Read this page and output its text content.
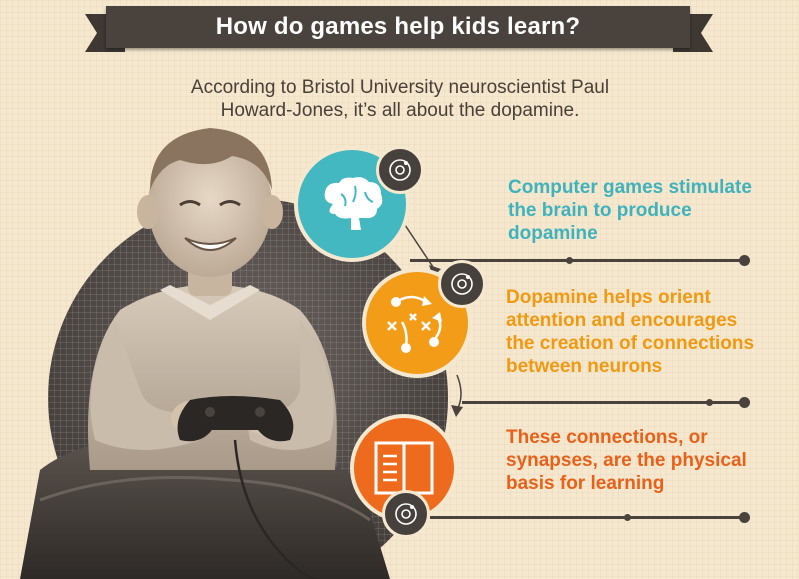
How do games help kids learn?
According to Bristol University neuroscientist Paul
Howard-Jones, it’s all about the dopamine.
Computer games stimulate
the brain to produce
dopamine
Dopamine helps orient
attention and encourages
the creation of connections
between neurons
These connections, or
synapses, are the physical
basis for learning
